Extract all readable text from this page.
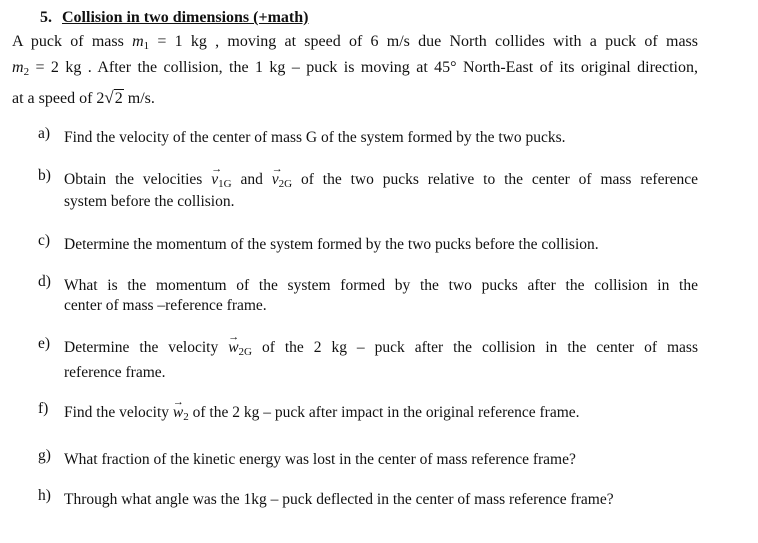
5. Collision in two dimensions (+math)
A puck of mass $m_1 = 1$ kg , moving at speed of 6 m/s due North collides with a puck of mass
$m_2 = 2$ kg . After the collision, the 1 kg – puck is moving at 45° North-East of its original direction,
at a speed of 2√2 m/s.
a) Find the velocity of the center of mass G of the system formed by the two pucks.
b) Obtain the velocities → $v_{1G}$ and → $v_{2G}$ of the two pucks relative to the center of mass reference
system before the collision.
c) Determine the momentum of the system formed by the two pucks before the collision.
d) What is the momentum of the system formed by the two pucks after the collision in the
center of mass –reference frame.
e) Determine the velocity → $w_{2G}$ of the 2 kg – puck after the collision in the center of mass
reference frame.
f) Find the velocity → $w_2$ of the 2 kg – puck after impact in the original reference frame.
g) What fraction of the kinetic energy was lost in the center of mass reference frame?
h) Through what angle was the 1kg – puck deflected in the center of mass reference frame?
